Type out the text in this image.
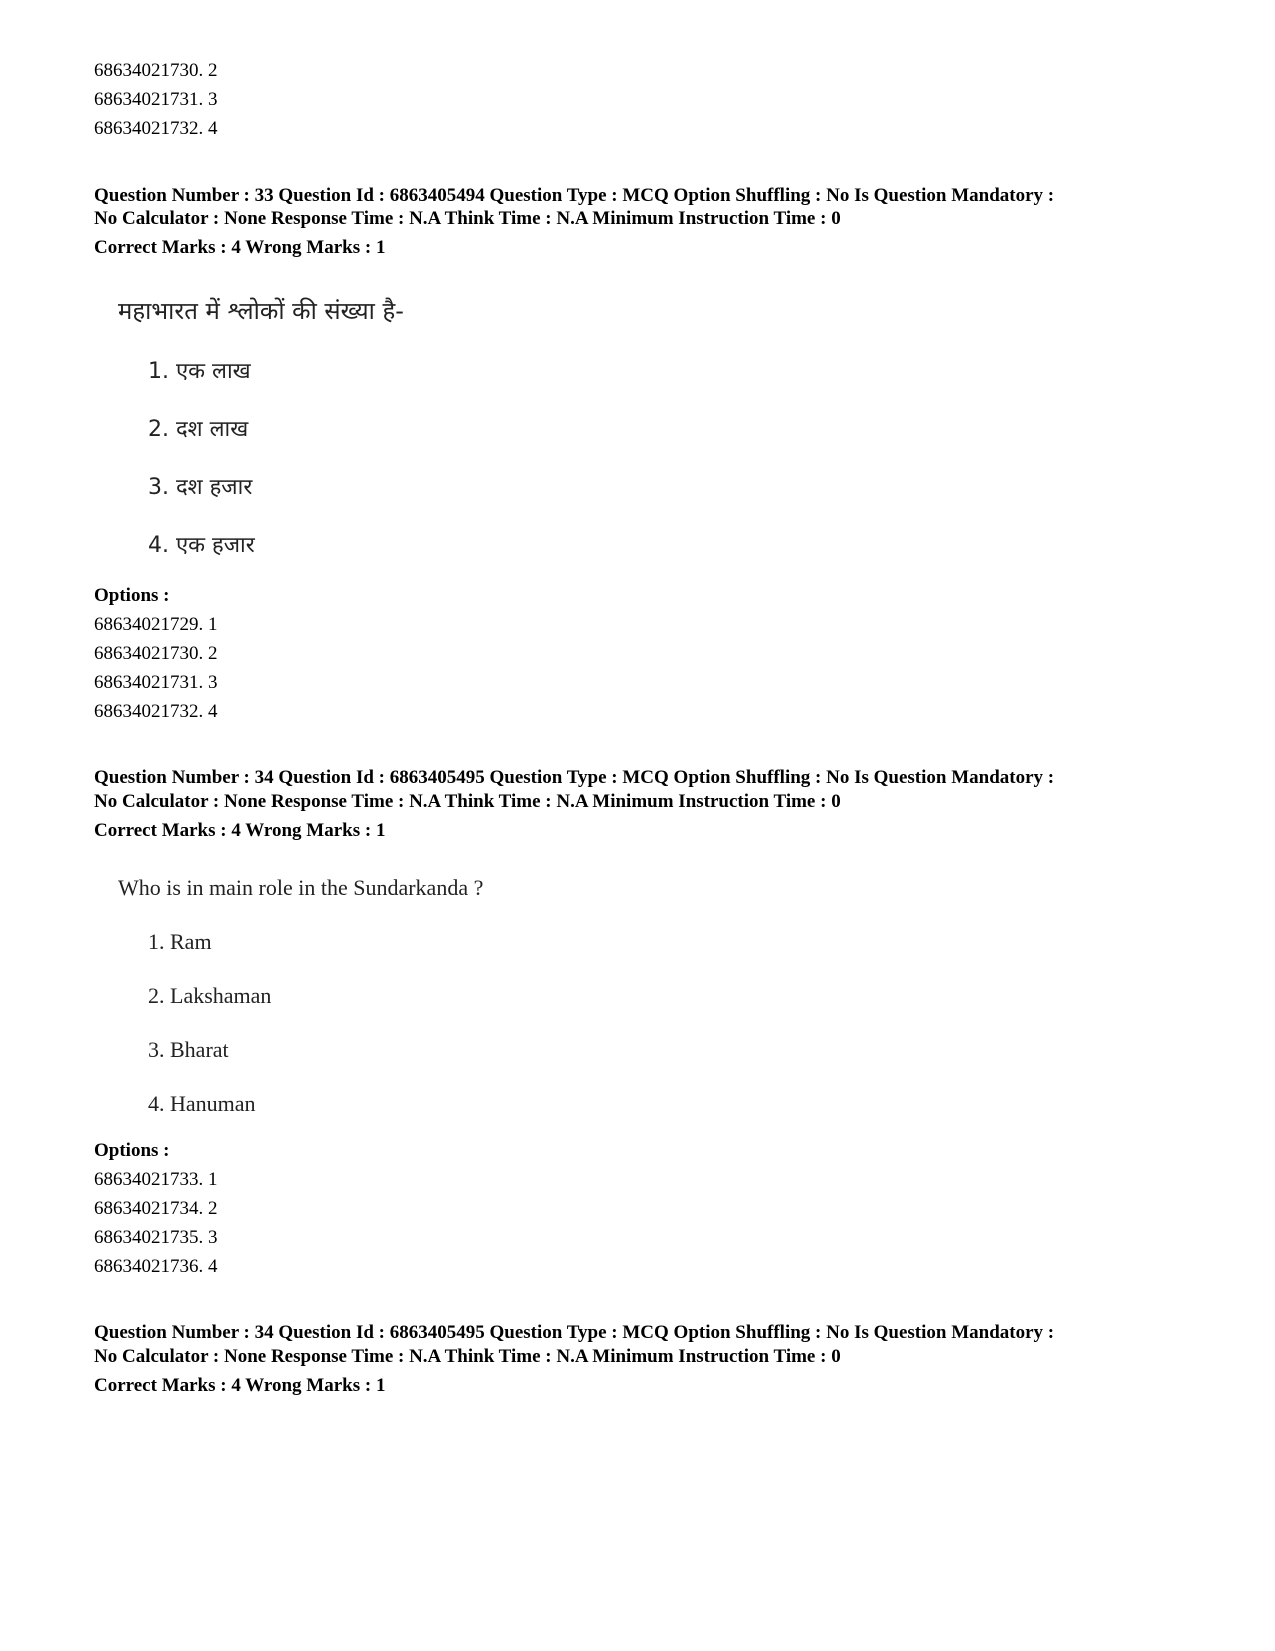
68634021730. 2
68634021731. 3
68634021732. 4
Question Number : 33 Question Id : 6863405494 Question Type : MCQ Option Shuffling : No Is Question Mandatory :
No Calculator : None Response Time : N.A Think Time : N.A Minimum Instruction Time : 0
Correct Marks : 4 Wrong Marks : 1
महाभारत में श्लोकों की संख्या है-
1. एक लाख
2. दश लाख
3. दश हजार
4. एक हजार
Options :
68634021729. 1
68634021730. 2
68634021731. 3
68634021732. 4
Question Number : 34 Question Id : 6863405495 Question Type : MCQ Option Shuffling : No Is Question Mandatory :
No Calculator : None Response Time : N.A Think Time : N.A Minimum Instruction Time : 0
Correct Marks : 4 Wrong Marks : 1
Who is in main role in the Sundarkanda ?
1. Ram
2. Lakshaman
3. Bharat
4. Hanuman
Options :
68634021733. 1
68634021734. 2
68634021735. 3
68634021736. 4
Question Number : 34 Question Id : 6863405495 Question Type : MCQ Option Shuffling : No Is Question Mandatory :
No Calculator : None Response Time : N.A Think Time : N.A Minimum Instruction Time : 0
Correct Marks : 4 Wrong Marks : 1
